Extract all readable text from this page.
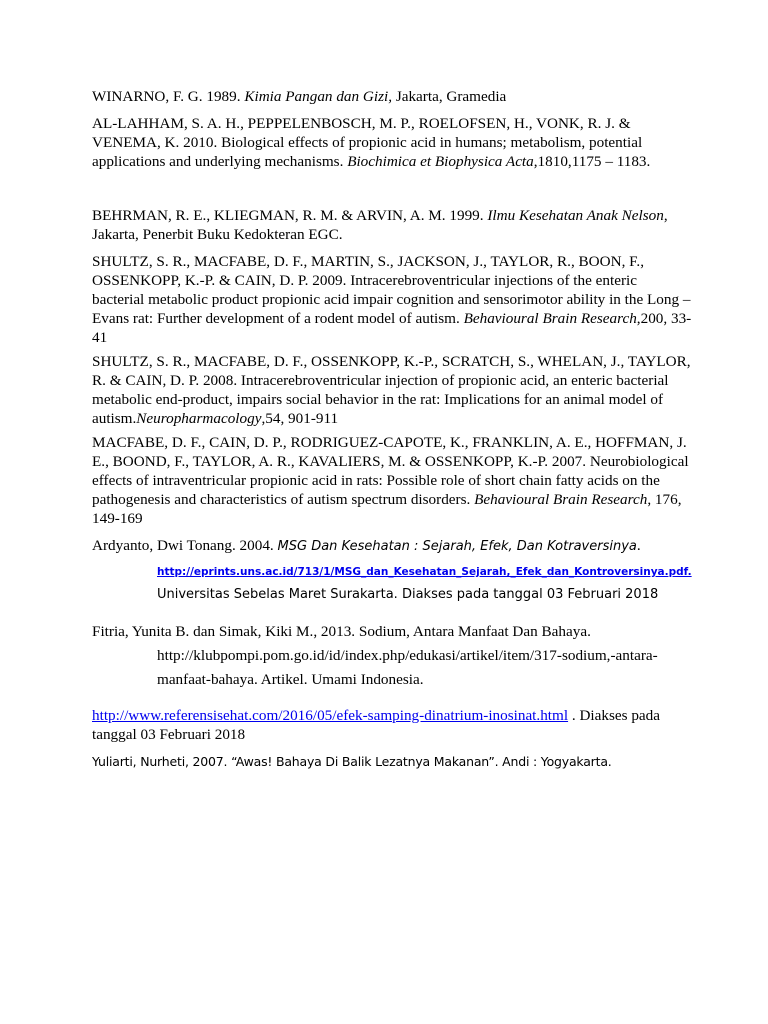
WINARNO, F. G. 1989. Kimia Pangan dan Gizi, Jakarta, Gramedia

AL-LAHHAM, S. A. H., PEPPELENBOSCH, M. P., ROELOFSEN, H., VONK, R. J. & VENEMA, K. 2010. Biological effects of propionic acid in humans; metabolism, potential applications and underlying mechanisms. Biochimica et Biophysica Acta,1810,1175 – 1183.

BEHRMAN, R. E., KLIEGMAN, R. M. & ARVIN, A. M. 1999. Ilmu Kesehatan Anak Nelson, Jakarta, Penerbit Buku Kedokteran EGC.

SHULTZ, S. R., MACFABE, D. F., MARTIN, S., JACKSON, J., TAYLOR, R., BOON, F., OSSENKOPP, K.-P. & CAIN, D. P. 2009. Intracerebroventricular injections of the enteric bacterial metabolic product propionic acid impair cognition and sensorimotor ability in the Long – Evans rat: Further development of a rodent model of autism. Behavioural Brain Research,200, 33-41

SHULTZ, S. R., MACFABE, D. F., OSSENKOPP, K.-P., SCRATCH, S., WHELAN, J., TAYLOR, R. & CAIN, D. P. 2008. Intracerebroventricular injection of propionic acid, an enteric bacterial metabolic end-product, impairs social behavior in the rat: Implications for an animal model of autism.Neuropharmacology,54, 901-911

MACFABE, D. F., CAIN, D. P., RODRIGUEZ-CAPOTE, K., FRANKLIN, A. E., HOFFMAN, J. E., BOOND, F., TAYLOR, A. R., KAVALIERS, M. & OSSENKOPP, K.-P. 2007. Neurobiological effects of intraventricular propionic acid in rats: Possible role of short chain fatty acids on the pathogenesis and characteristics of autism spectrum disorders. Behavioural Brain Research, 176, 149-169

Ardyanto, Dwi Tonang. 2004. MSG Dan Kesehatan : Sejarah, Efek, Dan Kotraversinya.

http://eprints.uns.ac.id/713/1/MSG_dan_Kesehatan_Sejarah,_Efek_dan_Kontroversinya.pdf.

Universitas Sebelas Maret Surakarta. Diakses pada tanggal 03 Februari 2018

Fitria, Yunita B. dan Simak, Kiki M., 2013. Sodium, Antara Manfaat Dan Bahaya.

http://klubpompi.pom.go.id/id/index.php/edukasi/artikel/item/317-sodium,-antara-

manfaat-bahaya. Artikel. Umami Indonesia.

http://www.referensisehat.com/2016/05/efek-samping-dinatrium-inosinat.html . Diakses pada tanggal 03 Februari 2018

Yuliarti, Nurheti, 2007. “Awas! Bahaya Di Balik Lezatnya Makanan”. Andi : Yogyakarta.
